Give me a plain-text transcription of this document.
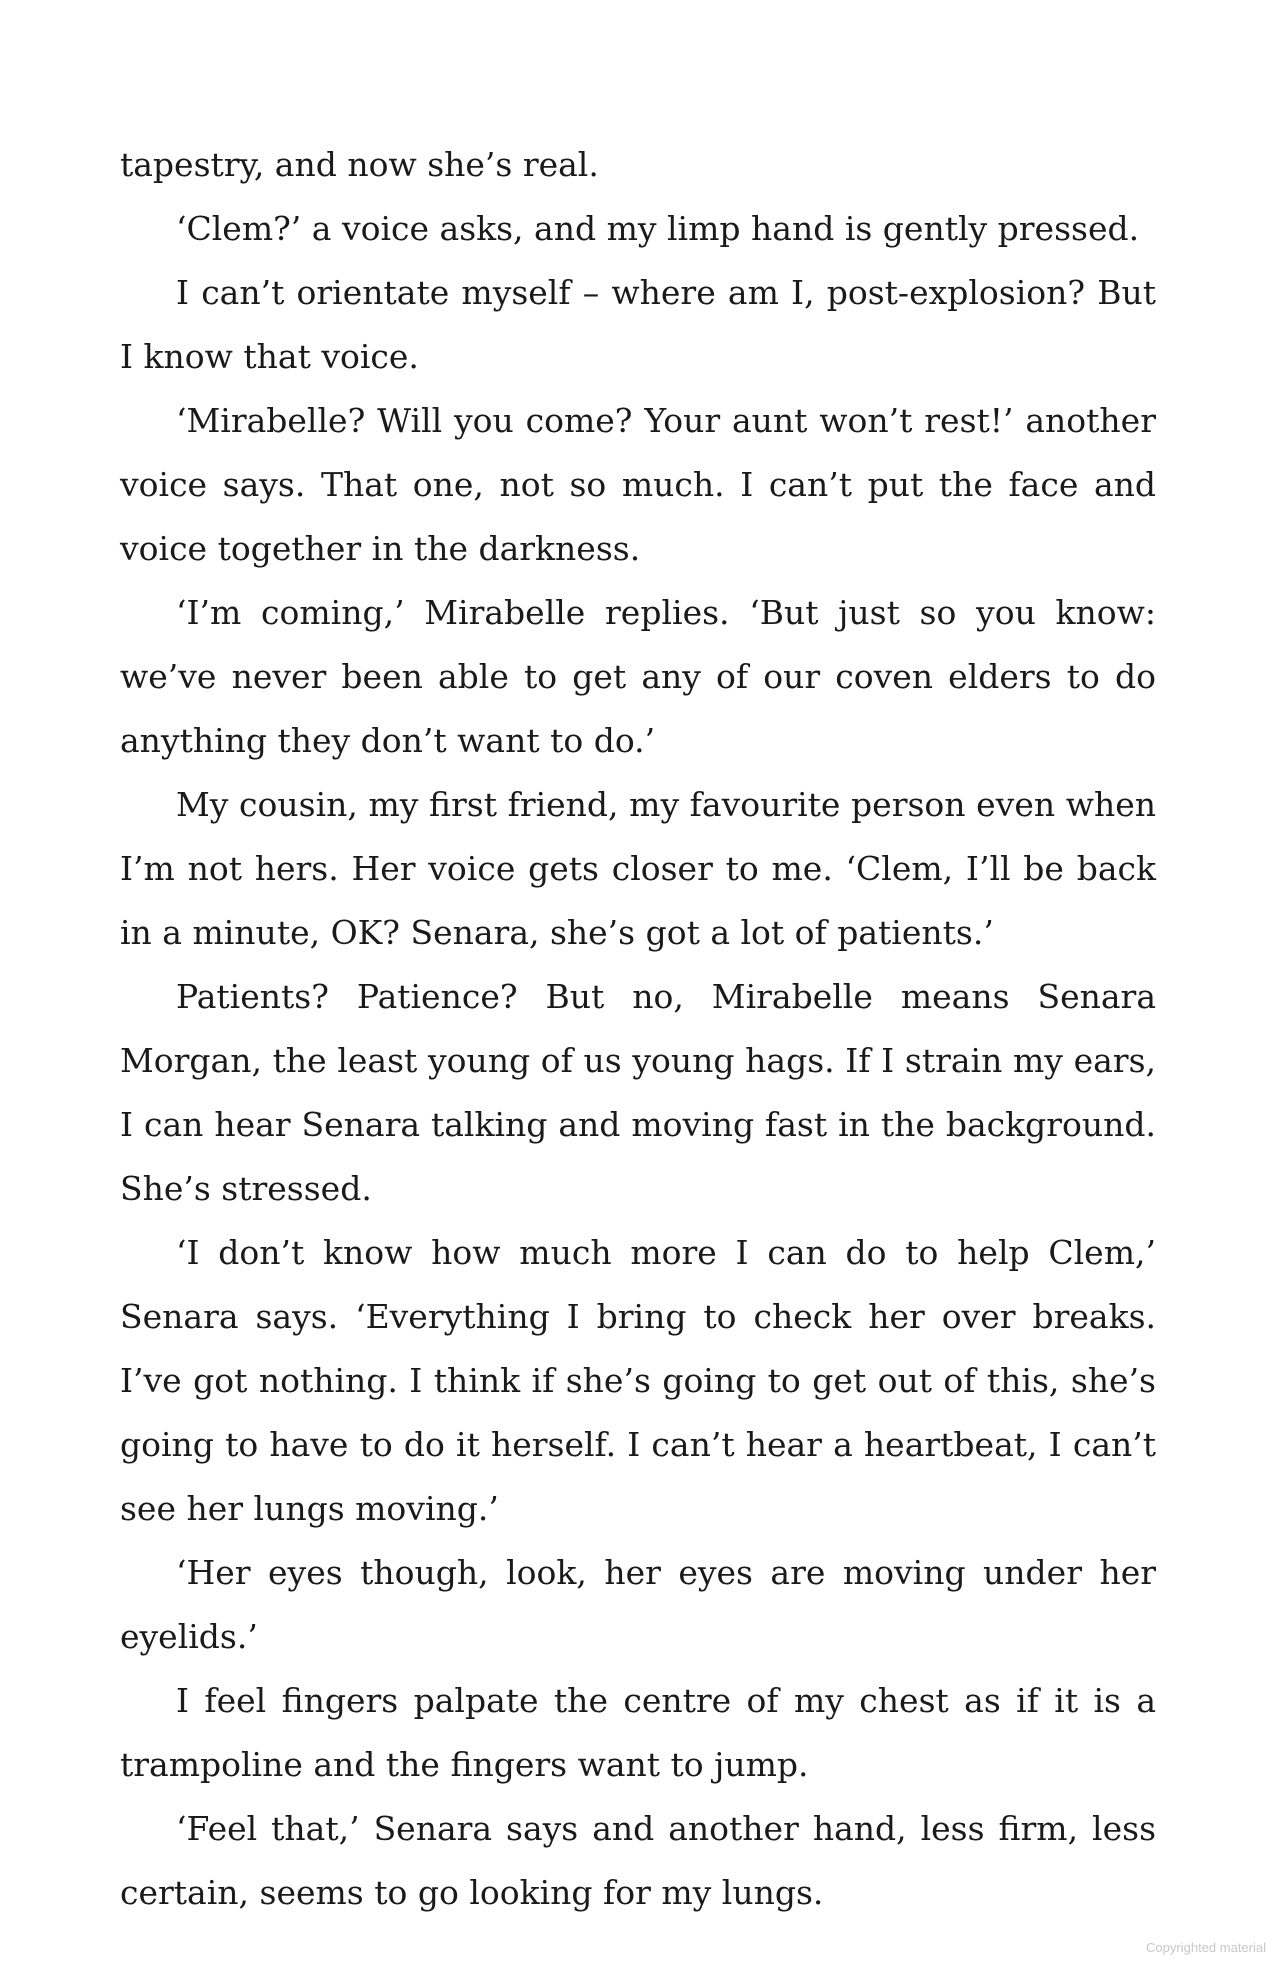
tapestry, and now she’s real.

‘Clem?’ a voice asks, and my limp hand is gently pressed.

I can’t orientate myself – where am I, post-explosion? But I know that voice.

‘Mirabelle? Will you come? Your aunt won’t rest!’ another voice says. That one, not so much. I can’t put the face and voice together in the darkness.

‘I’m coming,’ Mirabelle replies. ‘But just so you know: we’ve never been able to get any of our coven elders to do anything they don’t want to do.’

My cousin, my first friend, my favourite person even when I’m not hers. Her voice gets closer to me. ‘Clem, I’ll be back in a minute, OK? Senara, she’s got a lot of patients.’

Patients? Patience? But no, Mirabelle means Senara Morgan, the least young of us young hags. If I strain my ears, I can hear Senara talking and moving fast in the background. She’s stressed.

‘I don’t know how much more I can do to help Clem,’ Senara says. ‘Everything I bring to check her over breaks. I’ve got nothing. I think if she’s going to get out of this, she’s going to have to do it herself. I can’t hear a heartbeat, I can’t see her lungs moving.’

‘Her eyes though, look, her eyes are moving under her eyelids.’

I feel fingers palpate the centre of my chest as if it is a trampoline and the fingers want to jump.

‘Feel that,’ Senara says and another hand, less firm, less certain, seems to go looking for my lungs.

Copyrighted material
